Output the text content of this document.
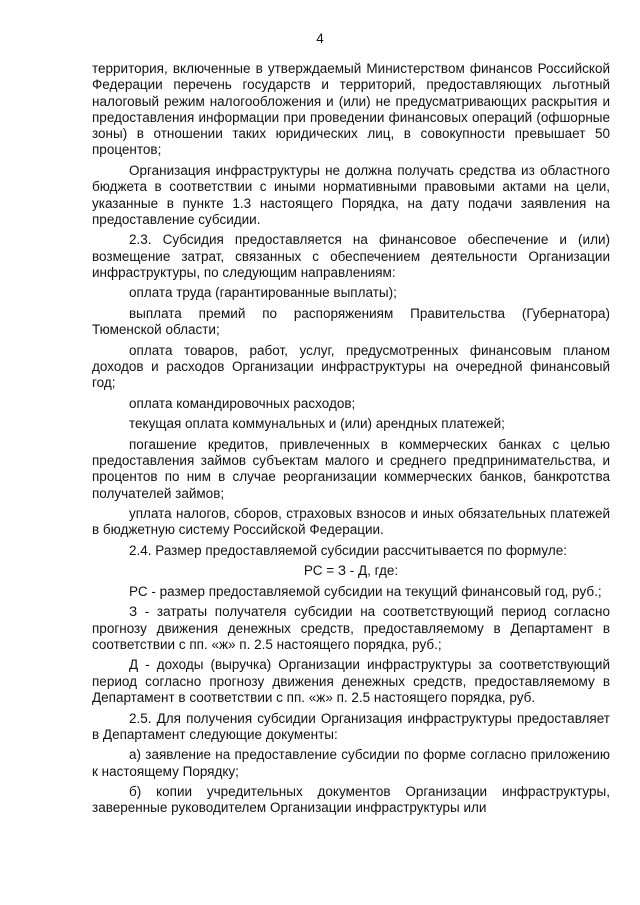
4

территория, включенные в утверждаемый Министерством финансов Российской Федерации перечень государств и территорий, предоставляющих льготный налоговый режим налогообложения и (или) не предусматривающих раскрытия и предоставления информации при проведении финансовых операций (офшорные зоны) в отношении таких юридических лиц, в совокупности превышает 50 процентов;

Организация инфраструктуры не должна получать средства из областного бюджета в соответствии с иными нормативными правовыми актами на цели, указанные в пункте 1.3 настоящего Порядка, на дату подачи заявления на предоставление субсидии.

2.3. Субсидия предоставляется на финансовое обеспечение и (или) возмещение затрат, связанных с обеспечением деятельности Организации инфраструктуры, по следующим направлениям:

оплата труда (гарантированные выплаты);

выплата премий по распоряжениям Правительства (Губернатора) Тюменской области;

оплата товаров, работ, услуг, предусмотренных финансовым планом доходов и расходов Организации инфраструктуры на очередной финансовый год;

оплата командировочных расходов;

текущая оплата коммунальных и (или) арендных платежей;

погашение кредитов, привлеченных в коммерческих банках с целью предоставления займов субъектам малого и среднего предпринимательства, и процентов по ним в случае реорганизации коммерческих банков, банкротства получателей займов;

уплата налогов, сборов, страховых взносов и иных обязательных платежей в бюджетную систему Российской Федерации.

2.4. Размер предоставляемой субсидии рассчитывается по формуле:

РС = З - Д, где:

РС - размер предоставляемой субсидии на текущий финансовый год, руб.;

З - затраты получателя субсидии на соответствующий период согласно прогнозу движения денежных средств, предоставляемому в Департамент в соответствии с пп. «ж» п. 2.5 настоящего порядка, руб.;

Д - доходы (выручка) Организации инфраструктуры за соответствующий период согласно прогнозу движения денежных средств, предоставляемому в Департамент в соответствии с пп. «ж» п. 2.5 настоящего порядка, руб.

2.5. Для получения субсидии Организация инфраструктуры предоставляет в Департамент следующие документы:

а) заявление на предоставление субсидии по форме согласно приложению к настоящему Порядку;

б) копии учредительных документов Организации инфраструктуры, заверенные руководителем Организации инфраструктуры или
